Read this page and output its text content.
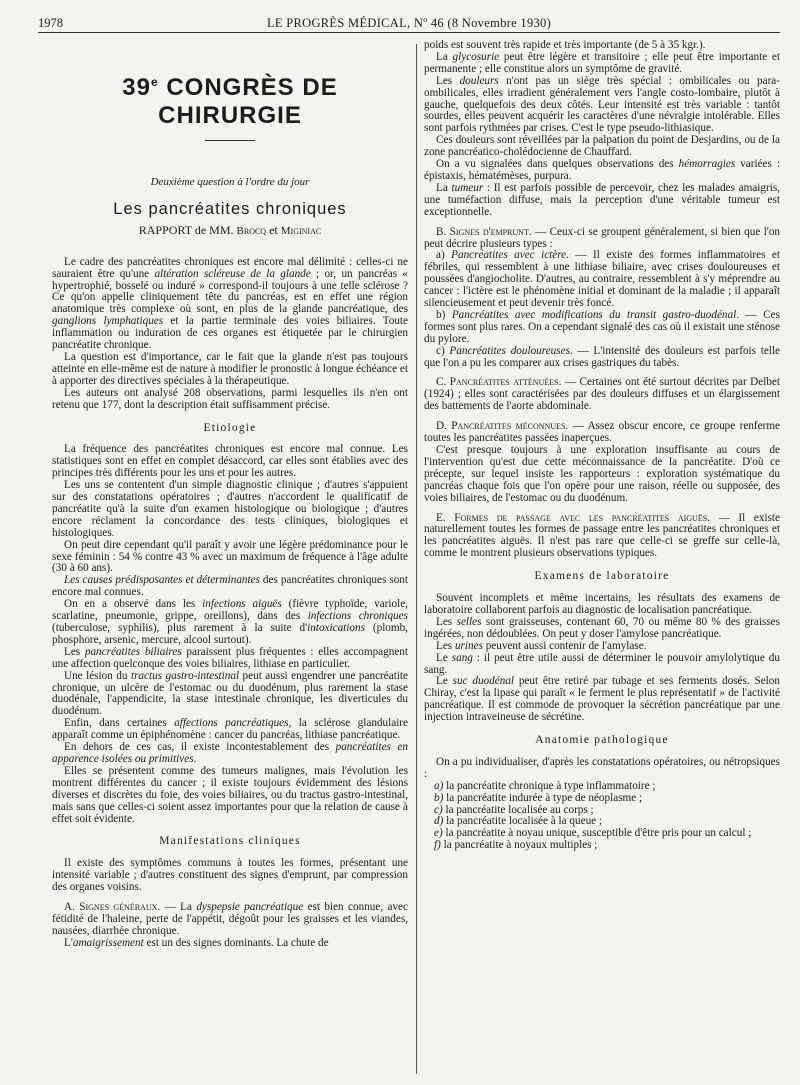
1978	LE PROGRÈS MÉDICAL, Nº 46 (8 Novembre 1930)
39e CONGRÈS DE CHIRURGIE
Deuxième question à l'ordre du jour
Les pancréatites chroniques
RAPPORT de MM. Brocq et Miginiac

Le cadre des pancréatites chroniques est encore mal délimité : celles-ci ne sauraient être qu'une altération scléreuse de la glande ; or, un pancréas « hypertrophié, bosselé ou induré » correspond-il toujours à une telle sclérose ? Ce qu'on appelle cliniquement tête du pancréas, est en effet une région anatomique très complexe où sont, en plus de la glande pancréatique, des ganglions lymphatiques et la partie terminale des voies biliaires. Toute inflammation ou induration de ces organes est étiquetée par le chirurgien pancréatite chronique.

La question est d'importance, car le fait que la glande n'est pas toujours atteinte en elle-même est de nature à modifier le pronostic à longue échéance et à apporter des directives spéciales à la thérapeutique.

Les auteurs ont analysé 208 observations, parmi lesquelles ils n'en ont retenu que 177, dont la description était suffisamment précise.

Etiologie

La fréquence des pancréatites chroniques est encore mal connue. Les statistiques sont en effet en complet désaccord, car elles sont établies avec des principes très différents pour les uns et pour les autres.

Les uns se contentent d'un simple diagnostic clinique ; d'autres s'appuient sur des constatations opératoires ; d'autres n'accordent le qualificatif de pancréatite qu'à la suite d'un examen histologique ou biologique ; d'autres encore réclament la concordance des tests cliniques, biologiques et histologiques.

On peut dire cependant qu'il paraît y avoir une légère prédominance pour le sexe féminin : 54 % contre 43 % avec un maximum de fréquence à l'âge adulte (30 à 60 ans).

Les causes prédisposantes et déterminantes des pancréatites chroniques sont encore mal connues.

On en a observé dans les infections aiguës (fièvre typhoïde, variole, scarlatine, pneumonie, grippe, oreillons), dans des infections chroniques (tuberculose, syphilis), plus rarement à la suite d'intoxications (plomb, phosphore, arsenic, mercure, alcool surtout).

Les pancréatites biliaires paraissent plus fréquentes : elles accompagnent une affection quelconque des voies biliaires, lithiase en particulier.

Une lésion du tractus gastro-intestinal peut aussi engendrer une pancréatite chronique, un ulcère de l'estomac ou du duodénum, plus rarement la stase duodénale, l'appendicite, la stase intestinale chronique, les diverticules du duodénum.

Enfin, dans certaines affections pancréatiques, la sclérose glandulaire apparaît comme un épiphénomène : cancer du pancréas, lithiase pancréatique.

En dehors de ces cas, il existe incontestablement des pancréatites en apparence isolées ou primitives.

Elles se présentent comme des tumeurs malignes, mais l'évolution les montrent différentes du cancer ; il existe toujours évidemment des lésions diverses et discrètes du foie, des voies biliaires, ou du tractus gastro-intestinal, mais sans que celles-ci soient assez importantes pour que la relation de cause à effet soit évidente.

Manifestations cliniques

Il existe des symptômes communs à toutes les formes, présentant une intensité variable ; d'autres constituent des signes d'emprunt, par compression des organes voisins.

A. Signes généraux. — La dyspepsie pancréatique est bien connue, avec fétidité de l'haleine, perte de l'appétit, dégoût pour les graisses et les viandes, nausées, diarrhée chronique.

L'amaigrissement est un des signes dominants. La chute de

poids est souvent très rapide et très importante (de 5 à 35 kgr.).

La glycosurie peut être légère et transitoire ; elle peut être importante et permanente ; elle constitue alors un symptôme de gravité.

Les douleurs n'ont pas un siège très spécial : ombilicales ou para-ombilicales, elles irradient généralement vers l'angle costo-lombaire, plutôt à gauche, quelquefois des deux côtés. Leur intensité est très variable : tantôt sourdes, elles peuvent acquérir les caractères d'une névralgie intolérable. Elles sont parfois rythmées par crises. C'est le type pseudo-lithiasique.

Ces douleurs sont réveillées par la palpation du point de Desjardins, ou de la zone pancréatico-cholédocienne de Chauffard.

On a vu signalées dans quelques observations des hémorragies variées : épistaxis, hématémèses, purpura.

La tumeur : Il est parfois possible de percevoir, chez les malades amaigris, une tuméfaction diffuse, mais la perception d'une véritable tumeur est exceptionnelle.

B. Signes d'emprunt. — Ceux-ci se groupent généralement, si bien que l'on peut décrire plusieurs types :

a) Pancréatites avec ictère. — Il existe des formes inflammatoires et fébriles, qui ressemblent à une lithiase biliaire, avec crises douloureuses et poussées d'angiocholite. D'autres, au contraire, ressemblent à s'y méprendre au cancer : l'ictère est le phénomène initial et dominant de la maladie ; il apparaît silencieusement et peut devenir très foncé.

b) Pancréatites avec modifications du transit gastro-duodénal. — Ces formes sont plus rares. On a cependant signalé des cas où il existait une sténose du pylore.

c) Pancréatites douloureuses. — L'intensité des douleurs est parfois telle que l'on a pu les comparer aux crises gastriques du tabès.

C. Pancréatites atténuées. — Certaines ont été surtout décrites par Delbet (1924) ; elles sont caractérisées par des douleurs diffuses et un élargissement des battements de l'aorte abdominale.

D. Pancréatites méconnues. — Assez obscur encore, ce groupe renferme toutes les pancréatites passées inaperçues.

C'est presque toujours à une exploration insuffisante au cours de l'intervention qu'est due cette méconnaissance de la pancréatite. D'où ce précepte, sur lequel insiste les rapporteurs : exploration systématique du pancréas chaque fois que l'on opère pour une raison, réelle ou supposée, des voies biliaires, de l'estomac ou du duodénum.

E. Formes de passage avec les pancréatites aiguës. — Il existe naturellement toutes les formes de passage entre les pancréatites chroniques et les pancréatites aiguës. Il n'est pas rare que celle-ci se greffe sur celle-là, comme le montrent plusieurs observations typiques.

Examens de laboratoire

Souvent incomplets et même incertains, les résultats des examens de laboratoire collaborent parfois au diagnostic de localisation pancréatique.

Les selles sont graisseuses, contenant 60, 70 ou même 80 % des graisses ingérées, non dédoublées. On peut y doser l'amylose pancréatique.

Les urines peuvent aussi contenir de l'amylase.

Le sang : il peut être utile aussi de déterminer le pouvoir amylolytique du sang.

Le suc duodénal peut être retiré par tubage et ses ferments dosés. Selon Chiray, c'est la lipase qui paraît « le ferment le plus représentatif » de l'activité pancréatique. Il est commode de provoquer la sécrétion pancréatique par une injection intraveineuse de sécrétine.

Anatomie pathologique

On a pu individualiser, d'après les constatations opératoires, ou nétropsiques :

a) la pancréatite chronique à type inflammatoire ;
b) la pancréatite indurée à type de néoplasme ;
c) la pancréatite localisée au corps ;
d) la pancréatite localisée à la queue ;
e) la pancréatite à noyau unique, susceptible d'être pris pour un calcul ;
f) la pancréatite à noyaux multiples ;
